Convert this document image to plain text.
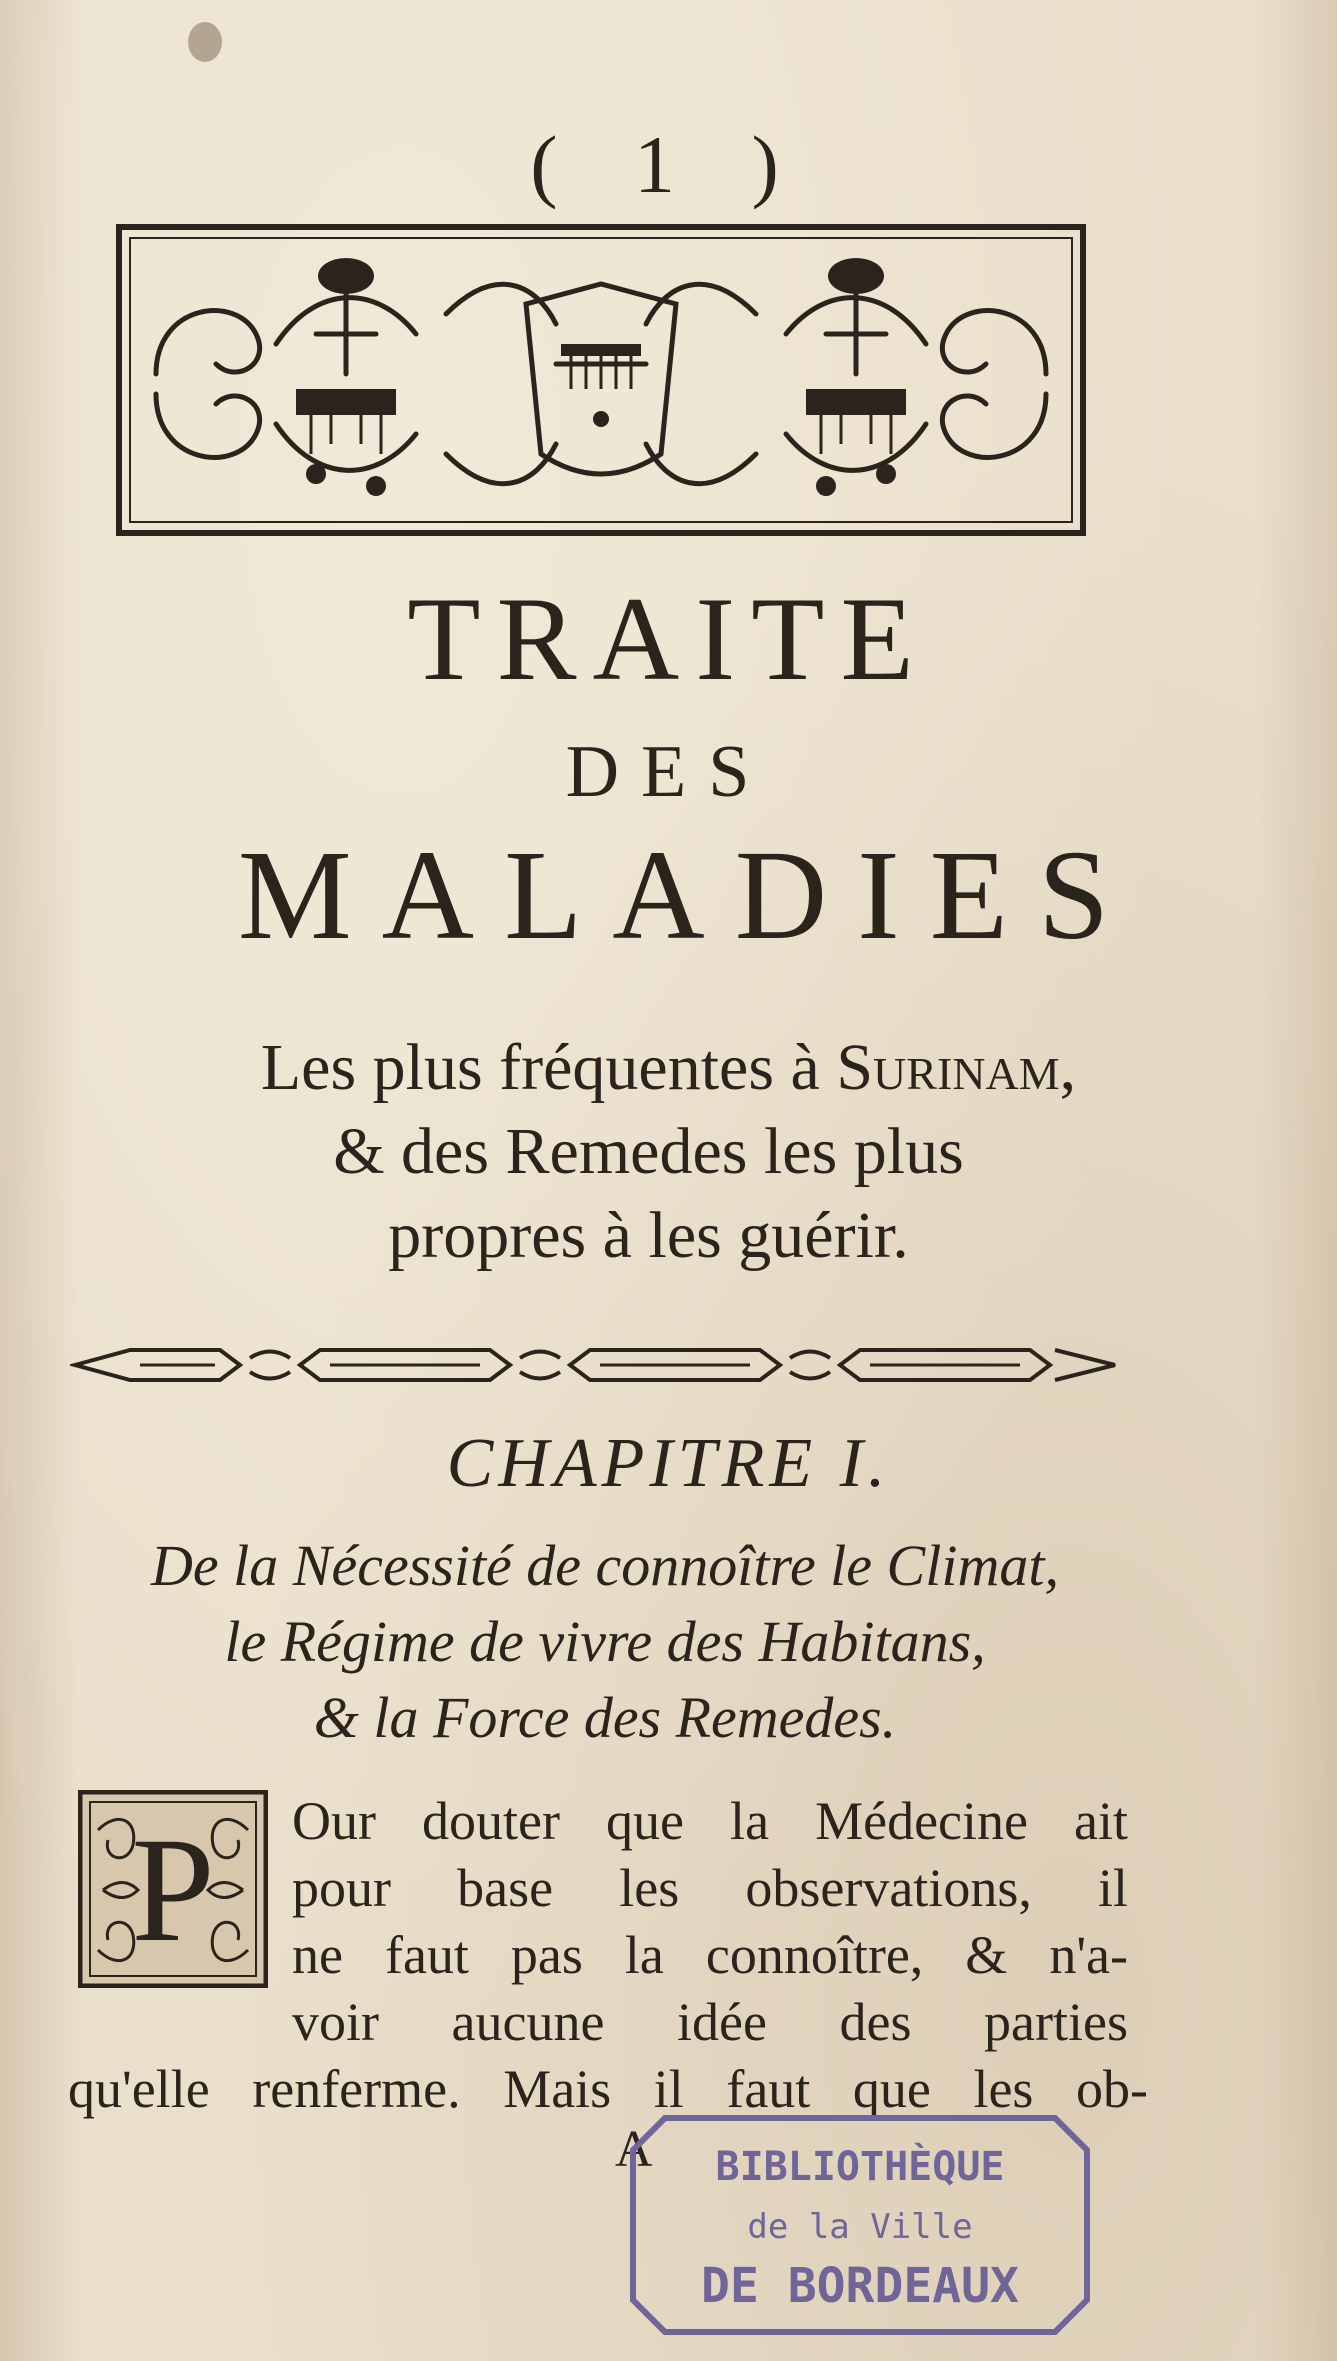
( 1 )
TRAITE
DES
MALADIES
Les plus fréquentes à Surinam,
& des Remedes les plus
propres à les guérir.
CHAPITRE I.
De la Nécessité de connoître le Climat,
le Régime de vivre des Habitans,
& la Force des Remedes.
P Our douter que la Médecine ait
pour base les observations, il
ne faut pas la connoître, & n'a-
voir aucune idée des parties
qu'elle renferme. Mais il faut que les ob-
A BIBLIOTHÈQUE
de la Ville
DE BORDEAUX
